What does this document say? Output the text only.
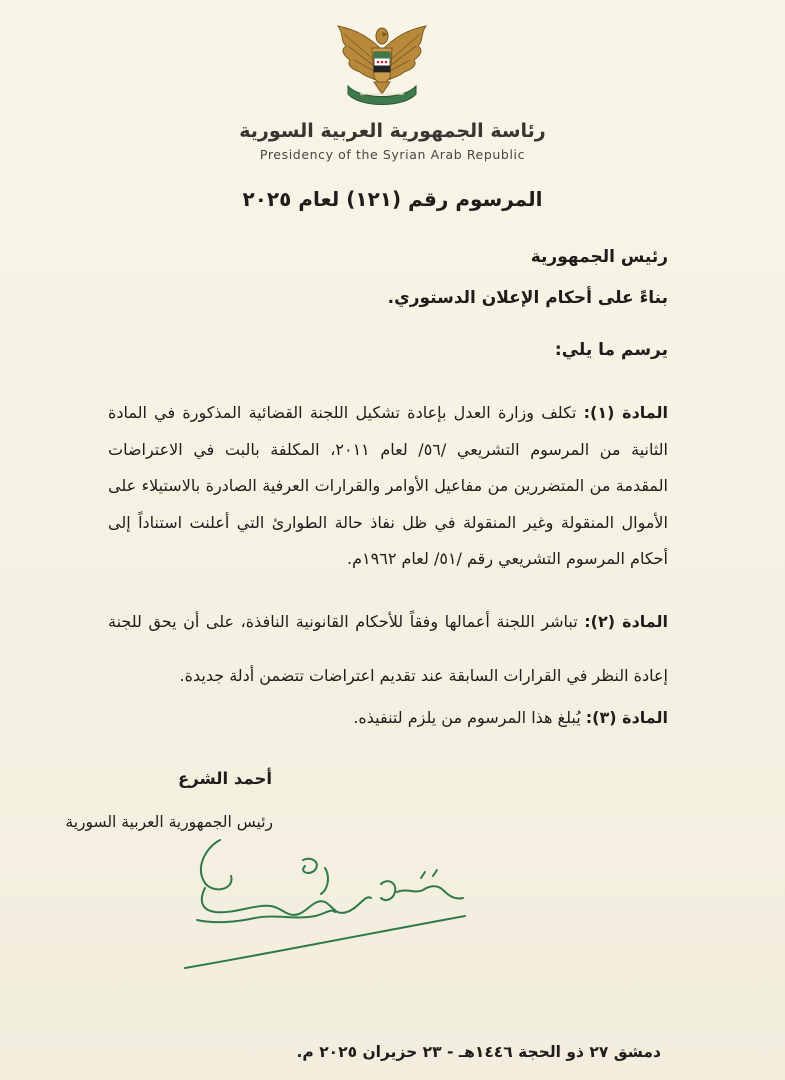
رئاسة الجمهورية العربية السورية
Presidency of the Syrian Arab Republic
المرسوم رقم (١٢١) لعام ٢٠٢٥
رئيس الجمهورية
بناءً على أحكام الإعلان الدستوري.
يرسم ما يلي:
المادة (١): تكلف وزارة العدل بإعادة تشكيل اللجنة القضائية المذكورة في المادة الثانية من المرسوم التشريعي /٥٦/ لعام ٢٠١١، المكلفة بالبت في الاعتراضات المقدمة من المتضررين من مفاعيل الأوامر والقرارات العرفية الصادرة بالاستيلاء على الأموال المنقولة وغير المنقولة في ظل نفاذ حالة الطوارئ التي أعلنت استناداً إلى أحكام المرسوم التشريعي رقم /٥١/ لعام ١٩٦٢م.
المادة (٢): تباشر اللجنة أعمالها وفقاً للأحكام القانونية النافذة، على أن يحق للجنة إعادة النظر في القرارات السابقة عند تقديم اعتراضات تتضمن أدلة جديدة.
المادة (٣): يُبلغ هذا المرسوم من يلزم لتنفيذه.
أحمد الشرع
رئيس الجمهورية العربية السورية
دمشق ٢٧ ذو الحجة ١٤٤٦هـ - ٢٣ حزيران ٢٠٢٥ م.
